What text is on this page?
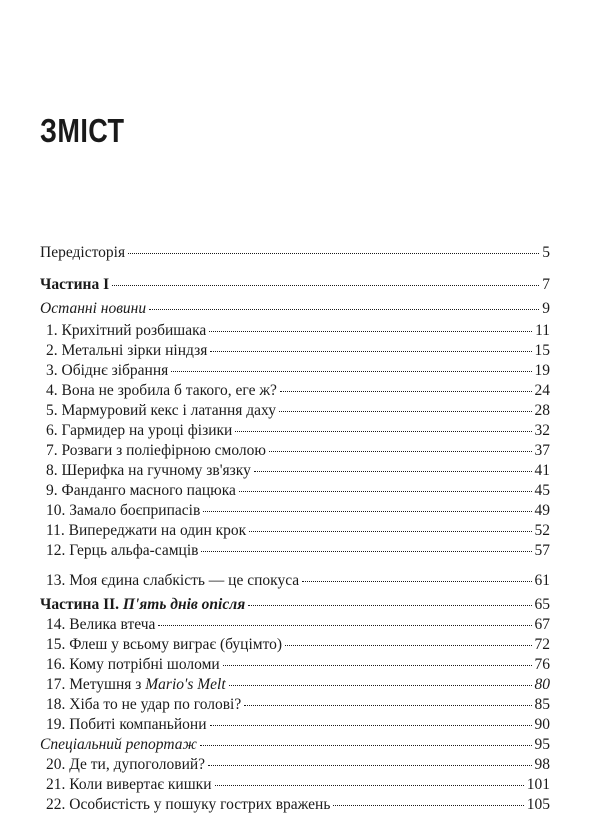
ЗМІСТ
Передісторія	5
Частина І	7
Останні новини	9
1. Крихітний розбишака	11
2. Метальні зірки ніндзя	15
3. Обіднє зібрання	19
4. Вона не зробила б такого, еге ж?	24
5. Мармуровий кекс і латання даху	28
6. Гармидер на уроці фізики	32
7. Розваги з поліефірною смолою	37
8. Шерифка на гучному зв'язку	41
9. Фанданго масного пацюка	45
10. Замало боєприпасів	49
11. Випереджати на один крок	52
12. Герць альфа-самців	57
13. Моя єдина слабкість — це спокуса	61
Частина ІІ. П'ять днів опісля	65
14. Велика втеча	67
15. Флеш у всьому виграє (буцімто)	72
16. Кому потрібні шоломи	76
17. Метушня з Mario's Melt	80
18. Хіба то не удар по голові?	85
19. Побиті компаньйони	90
Спеціальний репортаж	95
20. Де ти, дупоголовий?	98
21. Коли вивертає кишки	101
22. Особистість у пошуку гострих вражень	105
